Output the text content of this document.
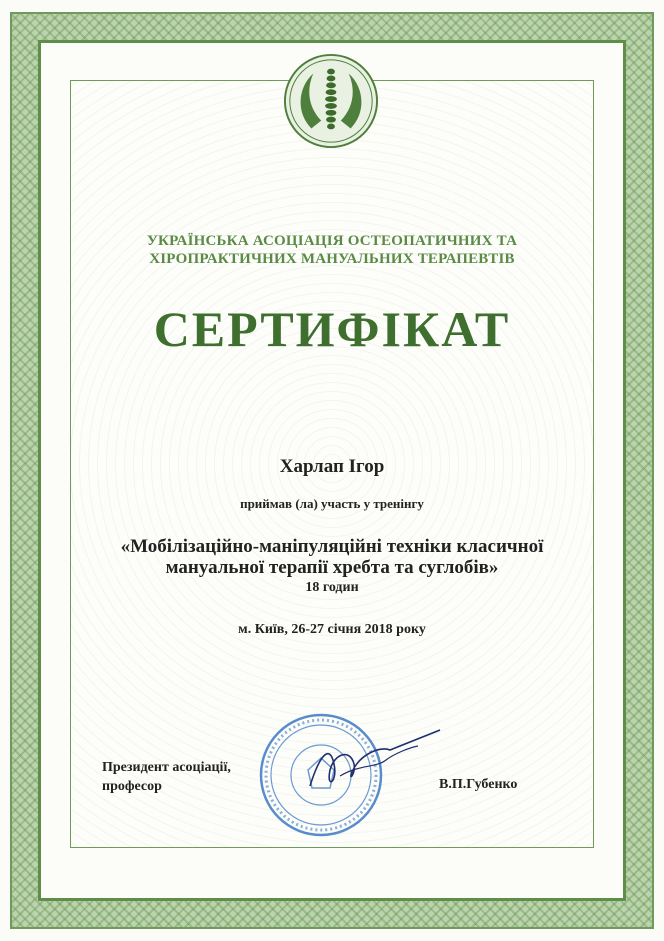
УКРАЇНСЬКА АСОЦІАЦІЯ ОСТЕОПАТИЧНИХ ТА
ХІРОПРАКТИЧНИХ МАНУАЛЬНИХ ТЕРАПЕВТІВ
СЕРТИФІКАТ
Харлап Ігор
приймав (ла) участь у тренінгу
«Мобілізаційно-маніпуляційні техніки класичної
мануальної терапії хребта та суглобів»
18 годин
м. Київ, 26-27 січня 2018 року
Президент асоціації,
професор	В.П.Губенко
